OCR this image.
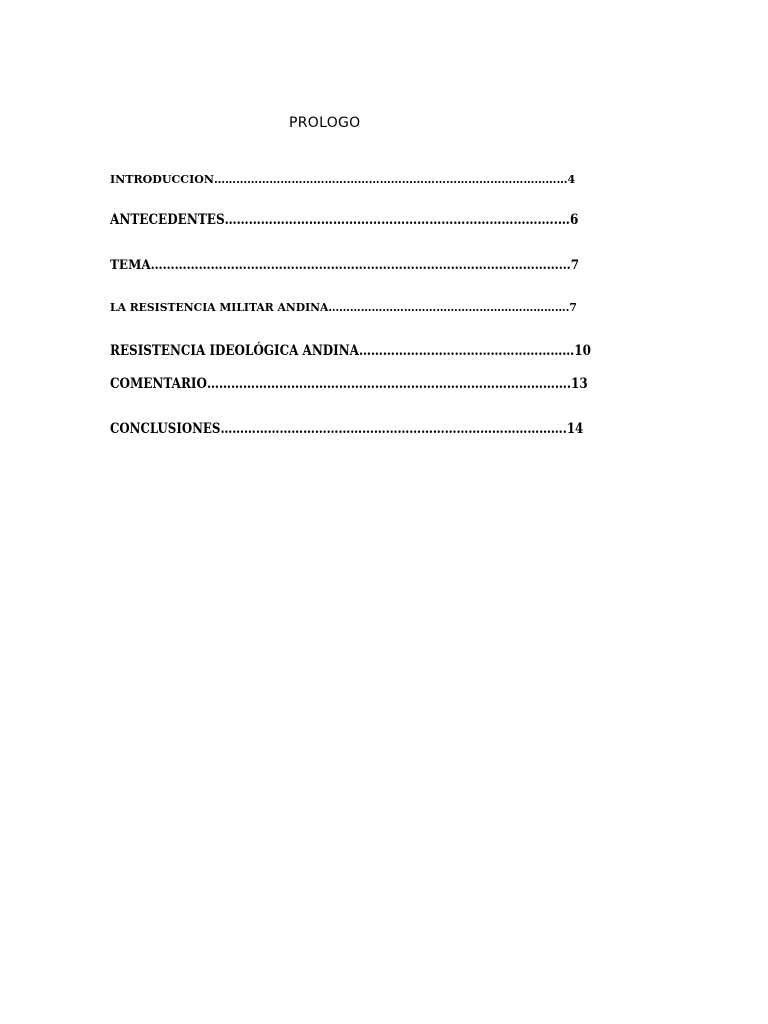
PROLOGO
INTRODUCCION……………………………………………………………………………………4
ANTECEDENTES………………………………………………………………………..…6
TEMA……………………………………………………………………………………………7
LA RESISTENCIA MILITAR ANDINA………………………………………………………….7
RESISTENCIA IDEOLÓGICA ANDINA………………………………………………10
COMENTARIO……………………………………………………………………………….13
CONCLUSIONES…………………………………………………………………………….14
